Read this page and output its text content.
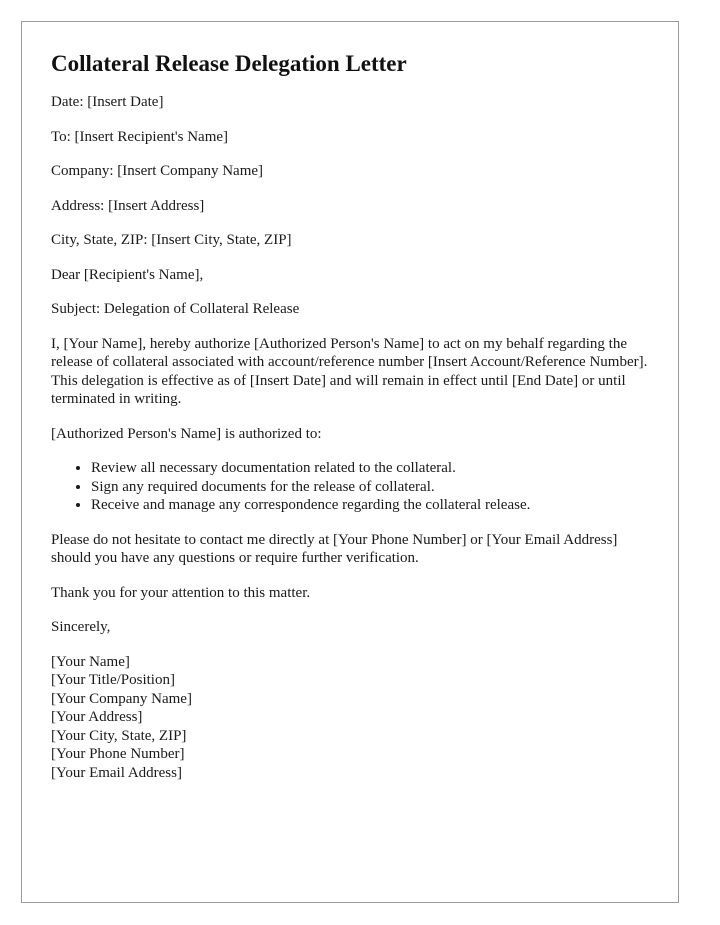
Collateral Release Delegation Letter

Date: [Insert Date]

To: [Insert Recipient's Name]

Company: [Insert Company Name]

Address: [Insert Address]

City, State, ZIP: [Insert City, State, ZIP]

Dear [Recipient's Name],

Subject: Delegation of Collateral Release

I, [Your Name], hereby authorize [Authorized Person's Name] to act on my behalf regarding the release of collateral associated with account/reference number [Insert Account/Reference Number]. This delegation is effective as of [Insert Date] and will remain in effect until [End Date] or until terminated in writing.

[Authorized Person's Name] is authorized to:

• Review all necessary documentation related to the collateral.
• Sign any required documents for the release of collateral.
• Receive and manage any correspondence regarding the collateral release.

Please do not hesitate to contact me directly at [Your Phone Number] or [Your Email Address] should you have any questions or require further verification.

Thank you for your attention to this matter.

Sincerely,

[Your Name]
[Your Title/Position]
[Your Company Name]
[Your Address]
[Your City, State, ZIP]
[Your Phone Number]
[Your Email Address]
